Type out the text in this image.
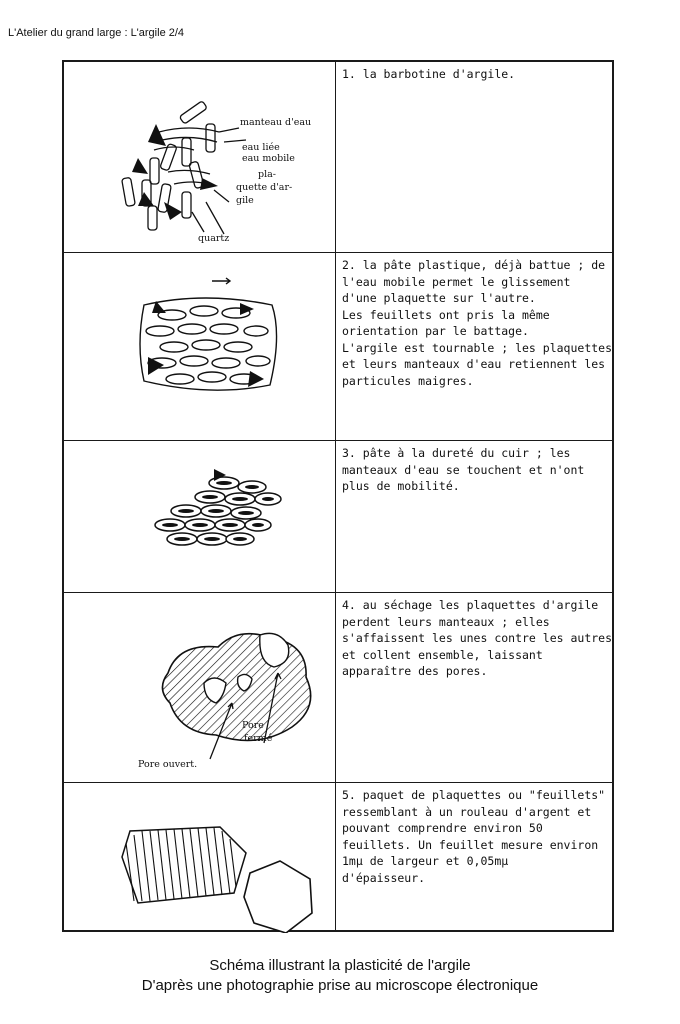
L'Atelier du grand large : L'argile 2/4
manteau d'eau
eau liée
eau mobile
pla-
quette d'ar-
gile
quartz
1. la barbotine d'argile.
2. la pâte plastique, déjà battue ; de
l'eau mobile permet le glissement
d'une plaquette sur l'autre.
Les feuillets ont pris la même
orientation par le battage.
L'argile est tournable ; les plaquettes
et leurs manteaux d'eau retiennent les
particules maigres.
3. pâte à la dureté du cuir ; les
manteaux d'eau se touchent et n'ont
plus de mobilité.
Pore
fermé
Pore ouvert.
4. au séchage les plaquettes d'argile
perdent leurs manteaux ; elles
s'affaissent les unes contre les autres
et collent ensemble, laissant
apparaître des pores.
5. paquet de plaquettes ou "feuillets"
ressemblant à un rouleau d'argent et
pouvant comprendre environ 50
feuillets. Un feuillet mesure environ
1mµ de largeur et 0,05mµ
d'épaisseur.
Schéma illustrant la plasticité de l'argile
D'après une photographie prise au microscope électronique
